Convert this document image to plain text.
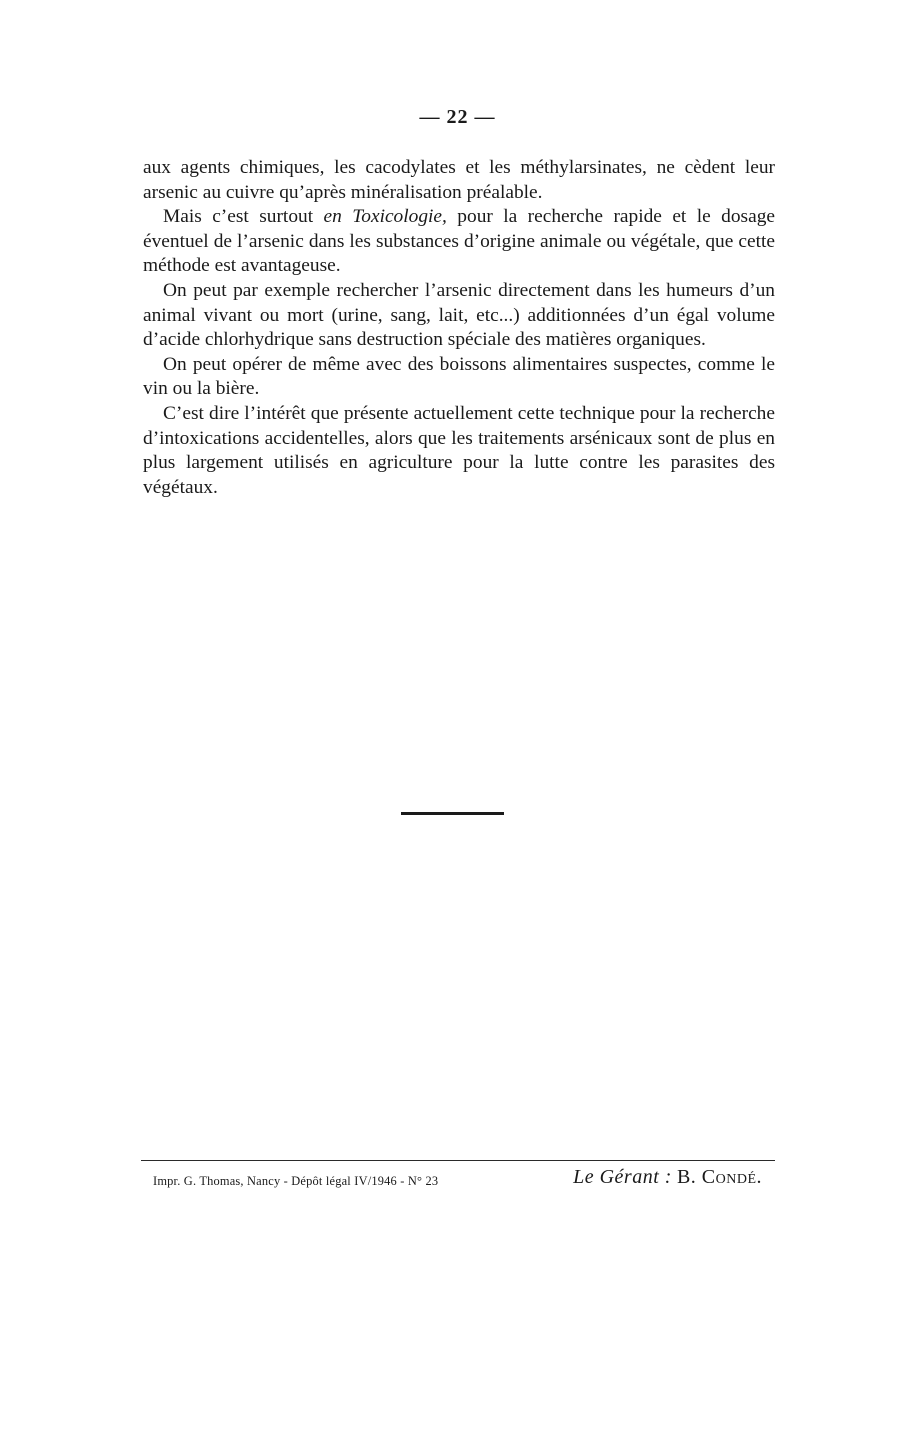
— 22 —

aux agents chimiques, les cacodylates et les méthylarsinates, ne cèdent leur arsenic au cuivre qu’après minéralisation préalable.

Mais c’est surtout en Toxicologie, pour la recherche rapide et le dosage éventuel de l’arsenic dans les substances d’origine animale ou végétale, que cette méthode est avantageuse.

On peut par exemple rechercher l’arsenic directement dans les humeurs d’un animal vivant ou mort (urine, sang, lait, etc...) additionnées d’un égal volume d’acide chlorhydrique sans destruction spéciale des matières organiques.

On peut opérer de même avec des boissons alimentaires suspectes, comme le vin ou la bière.

C’est dire l’intérêt que présente actuellement cette technique pour la recherche d’intoxications accidentelles, alors que les traitements arsénicaux sont de plus en plus largement utilisés en agriculture pour la lutte contre les parasites des végétaux.

Impr. G. Thomas, Nancy - Dépôt légal IV/1946 - N° 23	Le Gérant : B. Condé.
